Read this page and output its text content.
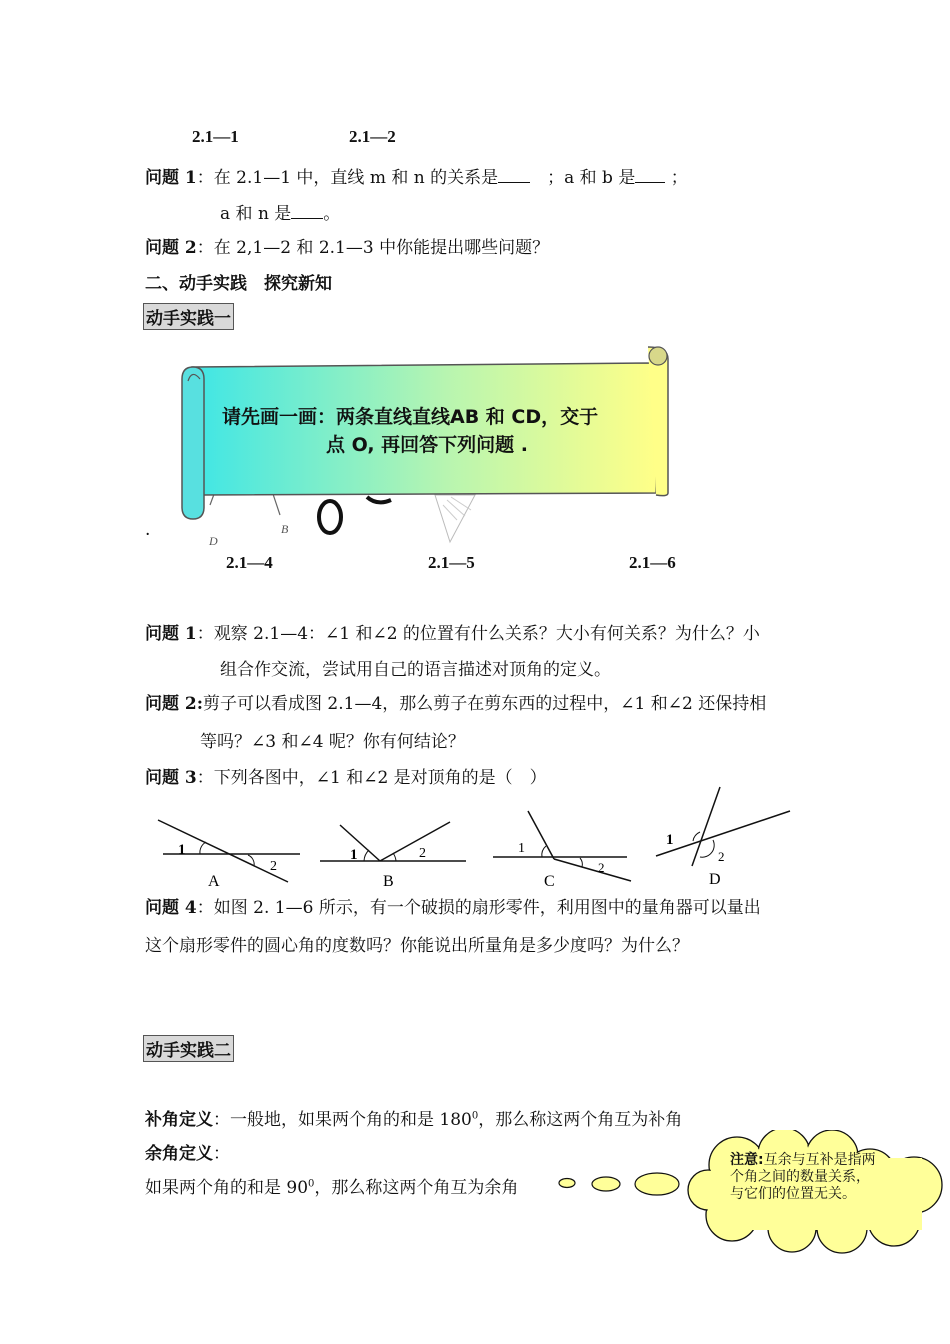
2.1—1	2.1—2
问题 1：在 2.1—1 中，直线 m 和 n 的关系是　	；a 和 b 是 ；
a 和 n 是 。
问题 2：在 2,1—2 和 2.1—3 中你能提出哪些问题？
二、动手实践　探究新知
动手实践一
D
B
请先画一画：两条直线直线AB 和 CD，交于
点 O, 再回答下列问题 .
·
2.1—4	2.1—5	2.1—6
问题 1：观察 2.1—4：∠1 和∠2 的位置有什么关系？大小有何关系？为什么？小
组合作交流，尝试用自己的语言描述对顶角的定义。
问题 2:剪子可以看成图 2.1—4，那么剪子在剪东西的过程中，∠1 和∠2 还保持相
等吗？∠3 和∠4 呢？你有何结论？
问题 3：下列各图中，∠1 和∠2 是对顶角的是（　）
1
2
A
1	2
B
1
2
C
1
2
D
问题 4：如图 2. 1—6 所示，有一个破损的扇形零件，利用图中的量角器可以量出
这个扇形零件的圆心角的度数吗？你能说出所量角是多少度吗？为什么？
动手实践二
补角定义：一般地，如果两个角的和是 $180^0$，那么称这两个角互为补角
余角定义：
如果两个角的和是 $90^0$，那么称这两个角互为余角
注意:互余与互补是指两个角之间的数量关系，与它们的位置无关。
